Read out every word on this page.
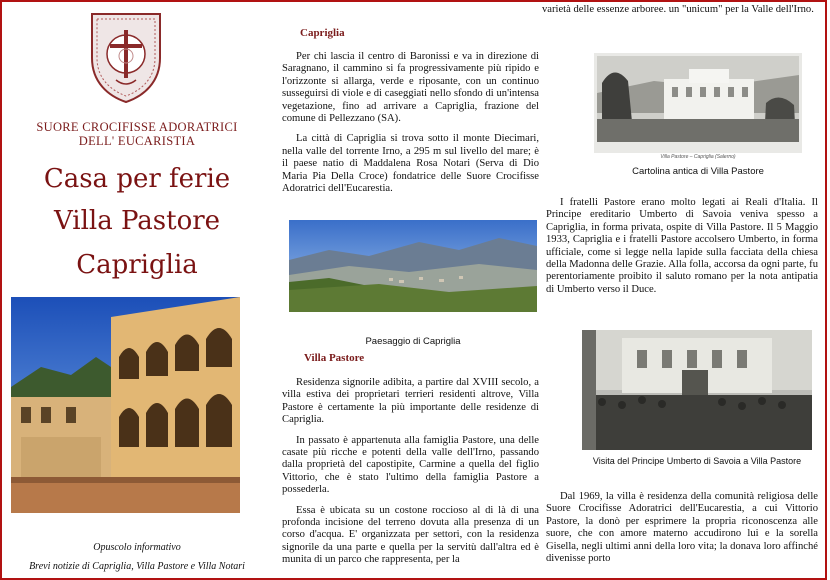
SUORE CROCIFISSE ADORATRICI
DELL' EUCARISTIA
Casa per ferie
Villa Pastore
Capriglia
Opuscolo informativo
Brevi notizie di Capriglia, Villa Pastore e Villa Notari
Capriglia

Per chi lascia il centro di Baronissi e va in direzione di Saragnano, il cammino si fa progressivamente più ripido e l'orizzonte si allarga, verde e riposante, con un continuo susseguirsi di viole e di caseggiati nello sfondo di un'intensa vegetazione, fino ad arrivare a Capriglia, frazione del comune di Pellezzano (SA).

La città di Capriglia si trova sotto il monte Diecimari, nella valle del torrente Irno, a 295 m sul livello del mare; è il paese natio di Maddalena Rosa Notari (Serva di Dio Maria Pia Della Croce) fondatrice delle Suore Crocifisse Adoratrici dell'Eucarestia.

Paesaggio di Capriglia
Villa Pastore

Residenza signorile adibita, a partire dal XVIII secolo, a villa estiva dei proprietari terrieri residenti altrove, Villa Pastore è certamente la più importante delle residenze di Capriglia.

In passato è appartenuta alla famiglia Pastore, una delle casate più ricche e potenti della valle dell'Irno, passando dalla proprietà del capostipite, Carmine a quella del figlio Vittorio, che è stato l'ultimo della famiglia Pastore a possederla.

Essa è ubicata su un costone roccioso al di là di una profonda incisione del terreno dovuta alla presenza di un corso d'acqua. E' organizzata per settori, con la residenza signorile da una parte e quella per la servitù dall'altra ed è munita di un parco che rappresenta, per la

varietà delle essenze arboree. un "unicum" per la Valle dell'Irno.

Villa Pastore – Capriglia (Salerno)
Cartolina antica di Villa Pastore

I fratelli Pastore erano molto legati ai Reali d'Italia. Il Principe ereditario Umberto di Savoia veniva spesso a Capriglia, in forma privata, ospite di Villa Pastore. Il 5 Maggio 1933, Capriglia e i fratelli Pastore accolsero Umberto, in forma ufficiale, come si legge nella lapide sulla facciata della chiesa della Madonna delle Grazie. Alla folla, accorsa da ogni parte, fu perentoriamente proibito il saluto romano per la nota antipatia di Umberto verso il Duce.

Visita del Principe Umberto di Savoia a Villa Pastore

Dal 1969, la villa è residenza della comunità religiosa delle Suore Crocifisse Adoratrici dell'Eucarestia, a cui Vittorio Pastore, la donò per esprimere la propria riconoscenza alle suore, che con amore materno accudirono lui e la sorella Gisella, negli ultimi anni della loro vita; la donava loro affinché divenisse porto
